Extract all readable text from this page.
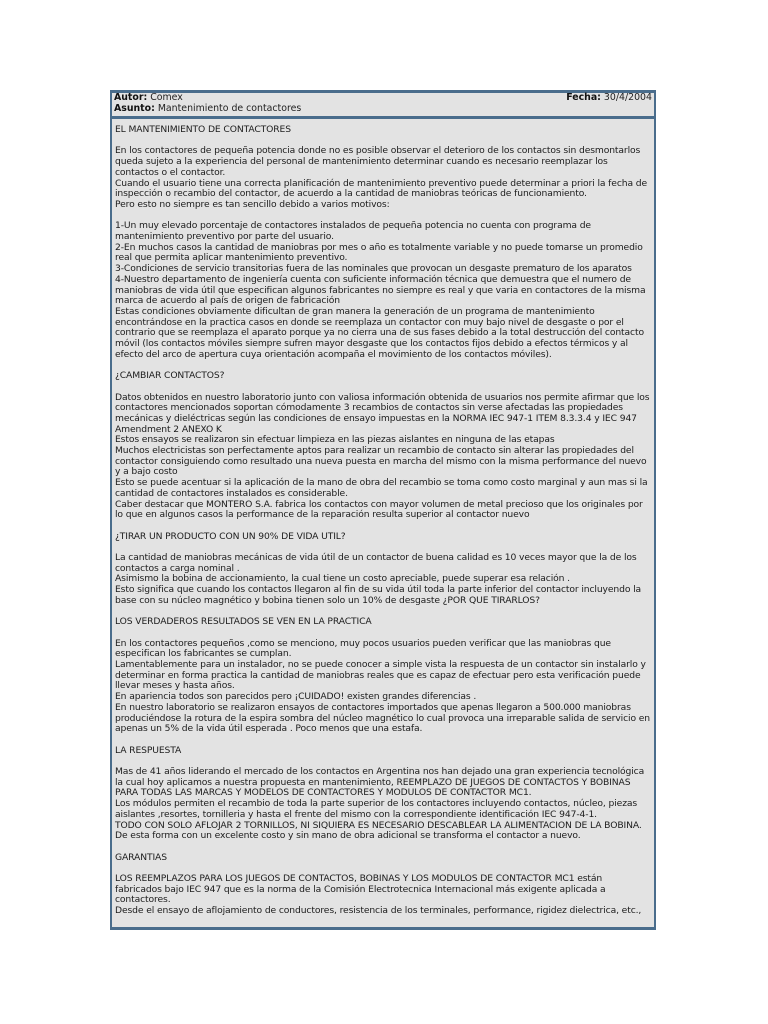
Autor: Comex	Fecha: 30/4/2004
Asunto: Mantenimiento de contactores

EL MANTENIMIENTO DE CONTACTORES

En los contactores de pequeña potencia donde no es posible observar el deterioro de los contactos sin desmontarlos queda sujeto a la experiencia del personal de mantenimiento determinar cuando es necesario reemplazar los contactos o el contactor.
Cuando el usuario tiene una correcta planificación de mantenimiento preventivo puede determinar a priori la fecha de inspección o recambio del contactor, de acuerdo a la cantidad de maniobras teóricas de funcionamiento.
Pero esto no siempre es tan sencillo debido a varios motivos:

1-Un muy elevado porcentaje de contactores instalados de pequeña potencia no cuenta con programa de mantenimiento preventivo por parte del usuario.
2-En muchos casos la cantidad de maniobras por mes o año es totalmente variable y no puede tomarse un promedio real que permita aplicar mantenimiento preventivo.
3-Condiciones de servicio transitorias fuera de las nominales que provocan un desgaste prematuro de los aparatos
4-Nuestro departamento de ingeniería cuenta con suficiente información técnica que demuestra que el numero de maniobras de vida útil que especifican algunos fabricantes no siempre es real y que varia en contactores de la misma marca de acuerdo al país de origen de fabricación
Estas condiciones obviamente dificultan de gran manera la generación de un programa de mantenimiento encontrándose en la practica casos en donde se reemplaza un contactor con muy bajo nivel de desgaste o por el contrario que se reemplaza el aparato porque ya no cierra una de sus fases debido a la total destrucción del contacto móvil (los contactos móviles siempre sufren mayor desgaste que los contactos fijos debido a efectos térmicos y al efecto del arco de apertura cuya orientación acompaña el movimiento de los contactos móviles).

¿CAMBIAR CONTACTOS?

Datos obtenidos en nuestro laboratorio junto con valiosa información obtenida de usuarios nos permite afirmar que los contactores mencionados soportan cómodamente 3 recambios de contactos sin verse afectadas las propiedades mecánicas y dieléctricas según las condiciones de ensayo impuestas en la NORMA IEC 947-1 ITEM 8.3.3.4 y IEC 947 Amendment 2 ANEXO K
Estos ensayos se realizaron sin efectuar limpieza en las piezas aislantes en ninguna de las etapas
Muchos electricistas son perfectamente aptos para realizar un recambio de contacto sin alterar las propiedades del contactor consiguiendo como resultado una nueva puesta en marcha del mismo con la misma performance del nuevo y a bajo costo
Esto se puede acentuar si la aplicación de la mano de obra del recambio se toma como costo marginal y aun mas si la cantidad de contactores instalados es considerable.
Caber destacar que MONTERO S.A. fabrica los contactos con mayor volumen de metal precioso que los originales por lo que en algunos casos la performance de la reparación resulta superior al contactor nuevo

¿TIRAR UN PRODUCTO CON UN 90% DE VIDA UTIL?

La cantidad de maniobras mecánicas de vida útil de un contactor de buena calidad es 10 veces mayor que la de los contactos a carga nominal .
Asimismo la bobina de accionamiento, la cual tiene un costo apreciable, puede superar esa relación .
Esto significa que cuando los contactos llegaron al fin de su vida útil toda la parte inferior del contactor incluyendo la base con su núcleo magnético y bobina tienen solo un 10% de desgaste ¿POR QUE TIRARLOS?

LOS VERDADEROS RESULTADOS SE VEN EN LA PRACTICA

En los contactores pequeños ,como se menciono, muy pocos usuarios pueden verificar que las maniobras que especifican los fabricantes se cumplan.
Lamentablemente para un instalador, no se puede conocer a simple vista la respuesta de un contactor sin instalarlo y determinar en forma practica la cantidad de maniobras reales que es capaz de efectuar pero esta verificación puede llevar meses y hasta años.
En apariencia todos son parecidos pero ¡CUIDADO! existen grandes diferencias .
En nuestro laboratorio se realizaron ensayos de contactores importados que apenas llegaron a 500.000 maniobras produciéndose la rotura de la espira sombra del núcleo magnético lo cual provoca una irreparable salida de servicio en apenas un 5% de la vida útil esperada . Poco menos que una estafa.

LA RESPUESTA

Mas de 41 años liderando el mercado de los contactos en Argentina nos han dejado una gran experiencia tecnológica la cual hoy aplicamos a nuestra propuesta en mantenimiento, REEMPLAZO DE JUEGOS DE CONTACTOS Y BOBINAS PARA TODAS LAS MARCAS Y MODELOS DE CONTACTORES Y MODULOS DE CONTACTOR MC1.
Los módulos permiten el recambio de toda la parte superior de los contactores incluyendo contactos, núcleo, piezas aislantes ,resortes, tornilleria y hasta el frente del mismo con la correspondiente identificación IEC 947-4-1.
TODO CON SOLO AFLOJAR 2 TORNILLOS, NI SIQUIERA ES NECESARIO DESCABLEAR LA ALIMENTACION DE LA BOBINA.
De esta forma con un excelente costo y sin mano de obra adicional se transforma el contactor a nuevo.

GARANTIAS

LOS REEMPLAZOS PARA LOS JUEGOS DE CONTACTOS, BOBINAS Y LOS MODULOS DE CONTACTOR MC1 están fabricados bajo IEC 947 que es la norma de la Comisión Electrotecnica Internacional más exigente aplicada a contactores.
Desde el ensayo de aflojamiento de conductores, resistencia de los terminales, performance, rigidez dielectrica, etc.,
